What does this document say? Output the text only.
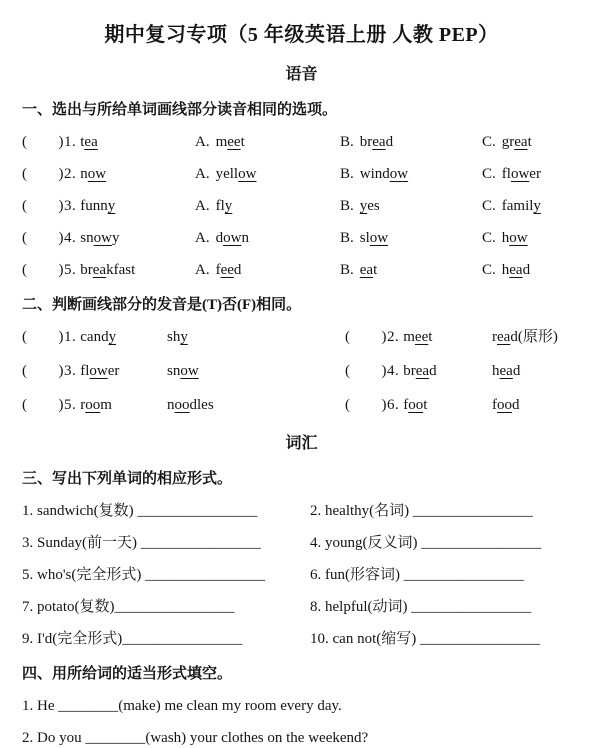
期中复习专项（5 年级英语上册 人教 PEP）
语音
一、选出与所给单词画线部分读音相同的选项。
(　　)1. tea	A. meet	B. bread	C. great
(　　)2. now	A. yellow	B. window	C. flower
(　　)3. funny	A. fly	B. yes	C. family
(　　)4. snowy	A. down	B. slow	C. how
(　　)5. breakfast	A. feed	B. eat	C. head
二、判断画线部分的发音是(T)否(F)相同。
(　　)1. candy	shy	(　　)2. meet	read(原形)
(　　)3. flower	snow	(　　)4. bread	head
(　　)5. room	noodles	(　　)6. foot	food
词汇
三、写出下列单词的相应形式。
1. sandwich(复数) ________________	2. healthy(名词) ________________
3. Sunday(前一天) ________________	4. young(反义词) ________________
5. who's(完全形式) ________________	6. fun(形容词) ________________
7. potato(复数)________________	8. helpful(动词) ________________
9. I'd(完全形式)________________	10. can not(缩写) ________________
四、用所给词的适当形式填空。
1. He ________(make) me clean my room every day.
2. Do you ________(wash) your clothes on the weekend?
